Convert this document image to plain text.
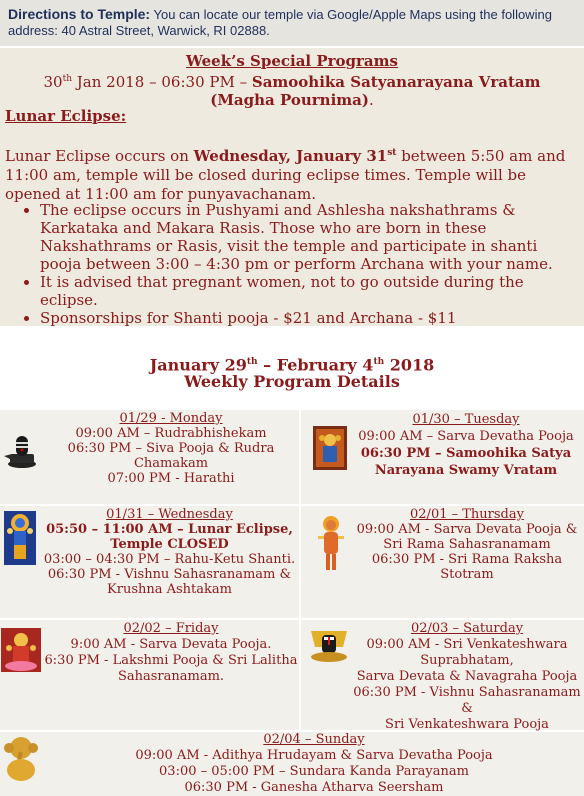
Directions to Temple: You can locate our temple via Google/Apple Maps using the following address: 40 Astral Street, Warwick, RI 02888.
Week’s Special Programs
30th Jan 2018 – 06:30 PM – Samoohika Satyanarayana Vratam (Magha Pournima).
Lunar Eclipse:
Lunar Eclipse occurs on Wednesday, January 31st between 5:50 am and 11:00 am, temple will be closed during eclipse times. Temple will be opened at 11:00 am for punyavachanam.
• The eclipse occurs in Pushyami and Ashlesha nakshathrams & Karkataka and Makara Rasis. Those who are born in these Nakshathrams or Rasis, visit the temple and participate in shanti pooja between 3:00 – 4:30 pm or perform Archana with your name.
• It is advised that pregnant women, not to go outside during the eclipse.
• Sponsorships for Shanti pooja - $21 and Archana - $11
January 29th – February 4th 2018
Weekly Program Details
01/29 - Monday
09:00 AM – Rudrabhishekam
06:30 PM – Siva Pooja & Rudra Chamakam
07:00 PM - Harathi
01/30 – Tuesday
09:00 AM – Sarva Devatha Pooja
06:30 PM – Samoohika Satya Narayana Swamy Vratam
01/31 – Wednesday
05:50 – 11:00 AM – Lunar Eclipse, Temple CLOSED
03:00 – 04:30 PM – Rahu-Ketu Shanti.
06:30 PM - Vishnu Sahasranamam & Krushna Ashtakam
02/01 – Thursday
09:00 AM - Sarva Devata Pooja & Sri Rama Sahasranamam
06:30 PM - Sri Rama Raksha Stotram
02/02 – Friday
9:00 AM - Sarva Devata Pooja.
6:30 PM - Lakshmi Pooja & Sri Lalitha Sahasranamam.
02/03 – Saturday
09:00 AM - Sri Venkateshwara Suprabhatam,
Sarva Devata & Navagraha Pooja
06:30 PM - Vishnu Sahasranamam &
Sri Venkateshwara Pooja
02/04 – Sunday
09:00 AM - Adithya Hrudayam & Sarva Devatha Pooja
03:00 – 05:00 PM – Sundara Kanda Parayanam
06:30 PM - Ganesha Atharva Seersham
